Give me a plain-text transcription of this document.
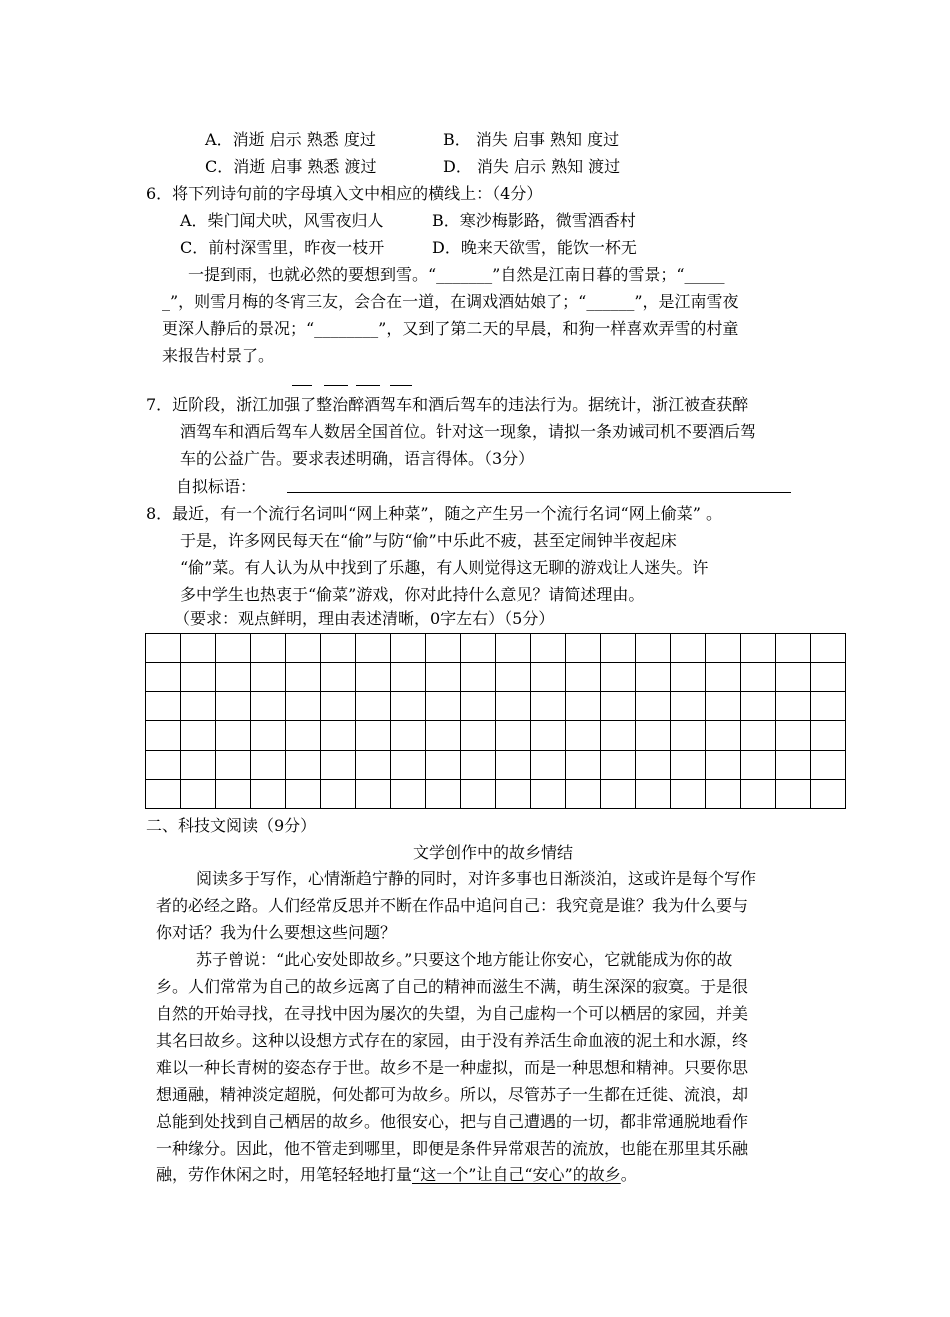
A．消逝 启示 熟悉 度过	B． 消失 启事 熟知 度过
C．消逝 启事 熟悉 渡过	D． 消失 启示 熟知 渡过
6．将下列诗句前的字母填入文中相应的横线上：（4分）
A．柴门闻犬吠，风雪夜归人	B．寒沙梅影路，微雪酒香村
C．前村深雪里，昨夜一枝开	D．晚来天欲雪，能饮一杯无
一提到雨，也就必然的要想到雪。“_______”自然是江南日暮的雪景；“_____
_”，则雪月梅的冬宵三友，会合在一道，在调戏酒姑娘了；“______”，是江南雪夜
更深人静后的景况；“________”，又到了第二天的早晨，和狗一样喜欢弄雪的村童
来报告村景了。
7．近阶段，浙江加强了整治醉酒驾车和酒后驾车的违法行为。据统计，浙江被查获醉
酒驾车和酒后驾车人数居全国首位。针对这一现象，请拟一条劝诫司机不要酒后驾
车的公益广告。要求表述明确，语言得体。（3分）
自拟标语：
8．最近，有一个流行名词叫“网上种菜”，随之产生另一个流行名词“网上偷菜” 。
于是，许多网民每天在“偷”与防“偷”中乐此不疲，甚至定闹钟半夜起床
“偷”菜。有人认为从中找到了乐趣，有人则觉得这无聊的游戏让人迷失。许
多中学生也热衷于“偷菜”游戏，你对此持什么意见？请简述理由。
（要求：观点鲜明，理由表述清晰，0字左右）（5分）

二、科技文阅读（9分）
文学创作中的故乡情结
阅读多于写作，心情渐趋宁静的同时，对许多事也日渐淡泊，这或许是每个写作
者的必经之路。人们经常反思并不断在作品中追问自己：我究竟是谁？我为什么要与
你对话？我为什么要想这些问题？
苏子曾说：“此心安处即故乡。”只要这个地方能让你安心，它就能成为你的故
乡。人们常常为自己的故乡远离了自己的精神而滋生不满，萌生深深的寂寞。于是很
自然的开始寻找，在寻找中因为屡次的失望，为自己虚构一个可以栖居的家园，并美
其名曰故乡。这种以设想方式存在的家园，由于没有养活生命血液的泥土和水源，终
难以一种长青树的姿态存于世。故乡不是一种虚拟，而是一种思想和精神。只要你思
想通融，精神淡定超脱，何处都可为故乡。所以，尽管苏子一生都在迁徙、流浪，却
总能到处找到自己栖居的故乡。他很安心，把与自己遭遇的一切，都非常通脱地看作
一种缘分。因此，他不管走到哪里，即便是条件异常艰苦的流放，也能在那里其乐融
融，劳作休闲之时，用笔轻轻地打量“这一个”让自己“安心”的故乡。
